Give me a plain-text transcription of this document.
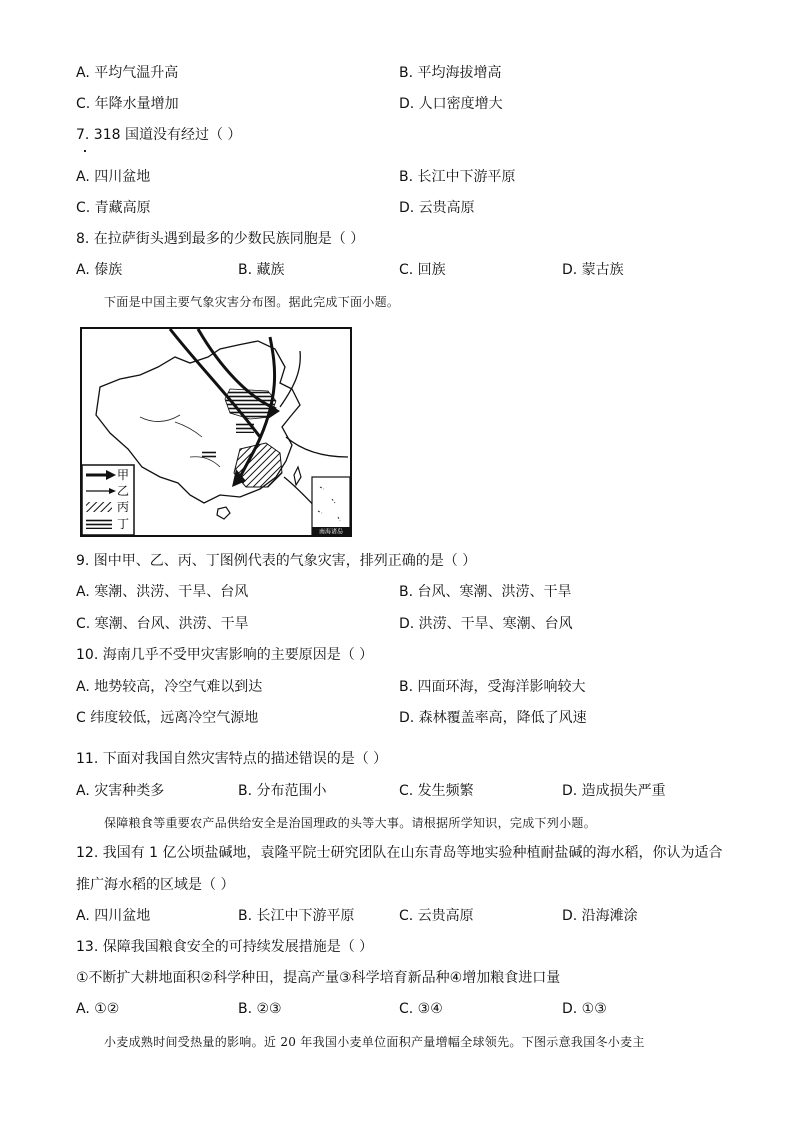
A. 平均气温升高	B. 平均海拔增高
C. 年降水量增加	D. 人口密度增大
7. 318 国道没有经过（ ）
A. 四川盆地	B. 长江中下游平原
C. 青藏高原	D. 云贵高原
8. 在拉萨街头遇到最多的少数民族同胞是（ ）
A. 傣族	B. 藏族	C. 回族	D. 蒙古族
下面是中国主要气象灾害分布图。据此完成下面小题。
甲
乙
丙
丁
南海诸岛
9. 图中甲、乙、丙、丁图例代表的气象灾害，排列正确的是（ ）
A. 寒潮、洪涝、干旱、台风	B. 台风、寒潮、洪涝、干旱
C. 寒潮、台风、洪涝、干旱	D. 洪涝、干旱、寒潮、台风
10. 海南几乎不受甲灾害影响的主要原因是（ ）
A. 地势较高，冷空气难以到达	B. 四面环海，受海洋影响较大
C 纬度较低，远离冷空气源地	D. 森林覆盖率高，降低了风速
11. 下面对我国自然灾害特点的描述错误的是（ ）
A. 灾害种类多	B. 分布范围小	C. 发生频繁	D. 造成损失严重
保障粮食等重要农产品供给安全是治国理政的头等大事。请根据所学知识，完成下列小题。
12. 我国有 1 亿公顷盐碱地，袁隆平院士研究团队在山东青岛等地实验种植耐盐碱的海水稻，你认为适合
推广海水稻的区域是（ ）
A. 四川盆地	B. 长江中下游平原	C. 云贵高原	D. 沿海滩涂
13. 保障我国粮食安全的可持续发展措施是（ ）
①不断扩大耕地面积②科学种田，提高产量③科学培育新品种④增加粮食进口量
A. ①②	B. ②③	C. ③④	D. ①③
小麦成熟时间受热量的影响。近 20 年我国小麦单位面积产量增幅全球领先。下图示意我国冬小麦主
